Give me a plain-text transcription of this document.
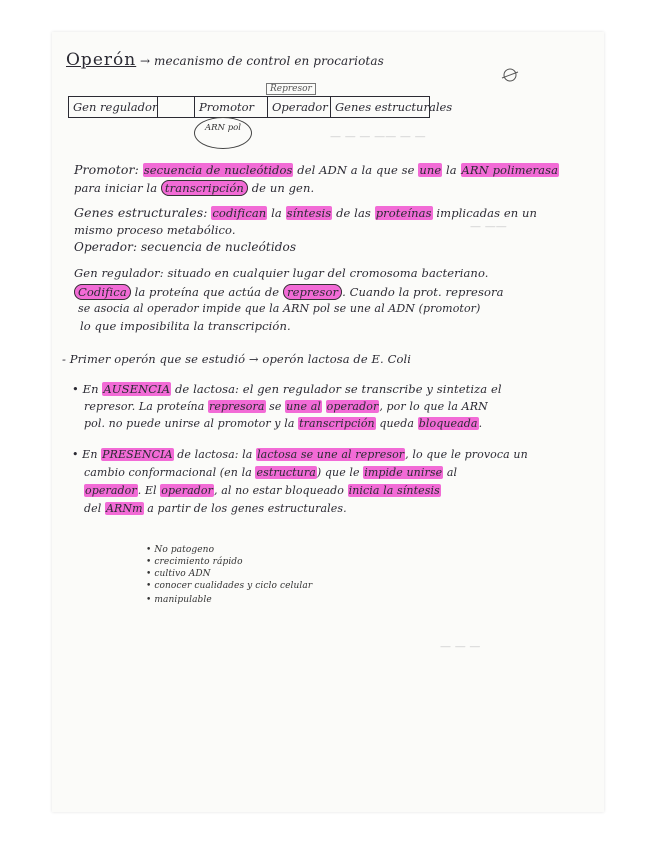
— — — —— — —
— ——
— — —
Operón → mecanismo de control en procariotas
Represor
Gen regulador	Promotor	Operador Genes estructurales
ARN pol
Promotor: secuencia de nucleótidos del ADN a la que se une la ARN polimerasa
para iniciar la transcripción de un gen.
Genes estructurales: codifican la síntesis de las proteínas implicadas en un
mismo proceso metabólico.
Operador: secuencia de nucleótidos
Gen regulador: situado en cualquier lugar del cromosoma bacteriano.
Codifica la proteína que actúa de represor . Cuando la prot. represora
se asocia al operador impide que la ARN pol se une al ADN (promotor)
lo que imposibilita la transcripción.
- Primer operón que se estudió → operón lactosa de E. Coli
• En AUSENCIA de lactosa: el gen regulador se transcribe y sintetiza el
represor. La proteína represora se une al operador, por lo que la ARN
pol. no puede unirse al promotor y la transcripción queda bloqueada.
• En PRESENCIA de lactosa: la lactosa se une al represor, lo que le provoca un
cambio conformacional (en la estructura) que le impide unirse al
operador. El operador, al no estar bloqueado inicia la síntesis
del ARNm a partir de los genes estructurales.
• No patogeno
• crecimiento rápido
• cultivo ADN
• conocer cualidades y ciclo celular
• manipulable
